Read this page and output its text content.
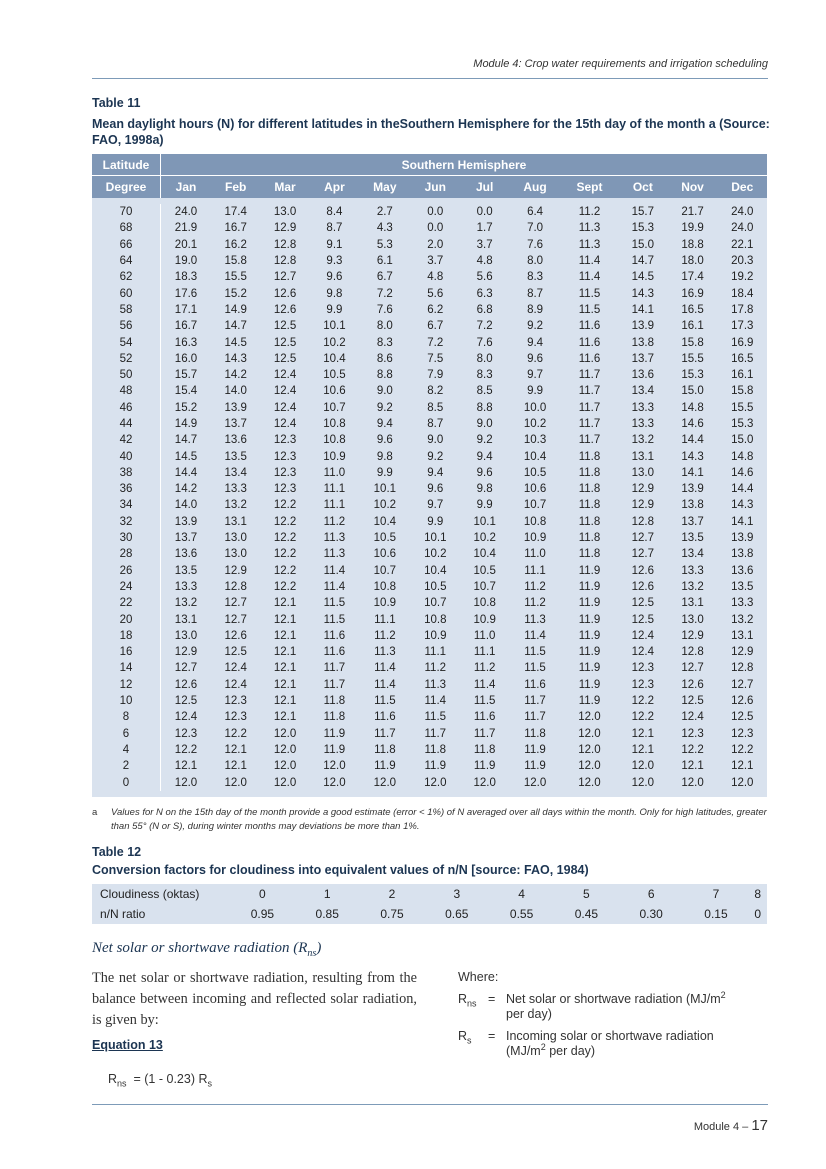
Module 4: Crop water requirements and irrigation scheduling
Table 11
Mean daylight hours (N) for different latitudes in theSouthern Hemisphere for the 15th day of the month a (Source: FAO, 1998a)
Latitude	Southern Hemisphere											
Degree	Jan	Feb	Mar	Apr	May	Jun	Jul	Aug	Sept	Oct	Nov	Dec

70	24.0	17.4	13.0	8.4	2.7	0.0	0.0	6.4	11.2	15.7	21.7	24.0
68	21.9	16.7	12.9	8.7	4.3	0.0	1.7	7.0	11.3	15.3	19.9	24.0
66	20.1	16.2	12.8	9.1	5.3	2.0	3.7	7.6	11.3	15.0	18.8	22.1
64	19.0	15.8	12.8	9.3	6.1	3.7	4.8	8.0	11.4	14.7	18.0	20.3
62	18.3	15.5	12.7	9.6	6.7	4.8	5.6	8.3	11.4	14.5	17.4	19.2
60	17.6	15.2	12.6	9.8	7.2	5.6	6.3	8.7	11.5	14.3	16.9	18.4
58	17.1	14.9	12.6	9.9	7.6	6.2	6.8	8.9	11.5	14.1	16.5	17.8
56	16.7	14.7	12.5	10.1	8.0	6.7	7.2	9.2	11.6	13.9	16.1	17.3
54	16.3	14.5	12.5	10.2	8.3	7.2	7.6	9.4	11.6	13.8	15.8	16.9
52	16.0	14.3	12.5	10.4	8.6	7.5	8.0	9.6	11.6	13.7	15.5	16.5
50	15.7	14.2	12.4	10.5	8.8	7.9	8.3	9.7	11.7	13.6	15.3	16.1
48	15.4	14.0	12.4	10.6	9.0	8.2	8.5	9.9	11.7	13.4	15.0	15.8
46	15.2	13.9	12.4	10.7	9.2	8.5	8.8	10.0	11.7	13.3	14.8	15.5
44	14.9	13.7	12.4	10.8	9.4	8.7	9.0	10.2	11.7	13.3	14.6	15.3
42	14.7	13.6	12.3	10.8	9.6	9.0	9.2	10.3	11.7	13.2	14.4	15.0
40	14.5	13.5	12.3	10.9	9.8	9.2	9.4	10.4	11.8	13.1	14.3	14.8
38	14.4	13.4	12.3	11.0	9.9	9.4	9.6	10.5	11.8	13.0	14.1	14.6
36	14.2	13.3	12.3	11.1	10.1	9.6	9.8	10.6	11.8	12.9	13.9	14.4
34	14.0	13.2	12.2	11.1	10.2	9.7	9.9	10.7	11.8	12.9	13.8	14.3
32	13.9	13.1	12.2	11.2	10.4	9.9	10.1	10.8	11.8	12.8	13.7	14.1
30	13.7	13.0	12.2	11.3	10.5	10.1	10.2	10.9	11.8	12.7	13.5	13.9
28	13.6	13.0	12.2	11.3	10.6	10.2	10.4	11.0	11.8	12.7	13.4	13.8
26	13.5	12.9	12.2	11.4	10.7	10.4	10.5	11.1	11.9	12.6	13.3	13.6
24	13.3	12.8	12.2	11.4	10.8	10.5	10.7	11.2	11.9	12.6	13.2	13.5
22	13.2	12.7	12.1	11.5	10.9	10.7	10.8	11.2	11.9	12.5	13.1	13.3
20	13.1	12.7	12.1	11.5	11.1	10.8	10.9	11.3	11.9	12.5	13.0	13.2
18	13.0	12.6	12.1	11.6	11.2	10.9	11.0	11.4	11.9	12.4	12.9	13.1
16	12.9	12.5	12.1	11.6	11.3	11.1	11.1	11.5	11.9	12.4	12.8	12.9
14	12.7	12.4	12.1	11.7	11.4	11.2	11.2	11.5	11.9	12.3	12.7	12.8
12	12.6	12.4	12.1	11.7	11.4	11.3	11.4	11.6	11.9	12.3	12.6	12.7
10	12.5	12.3	12.1	11.8	11.5	11.4	11.5	11.7	11.9	12.2	12.5	12.6
8	12.4	12.3	12.1	11.8	11.6	11.5	11.6	11.7	12.0	12.2	12.4	12.5
6	12.3	12.2	12.0	11.9	11.7	11.7	11.7	11.8	12.0	12.1	12.3	12.3
4	12.2	12.1	12.0	11.9	11.8	11.8	11.8	11.9	12.0	12.1	12.2	12.2
2	12.1	12.1	12.0	12.0	11.9	11.9	11.9	11.9	12.0	12.0	12.1	12.1
0	12.0	12.0	12.0	12.0	12.0	12.0	12.0	12.0	12.0	12.0	12.0	12.0

a Values for N on the 15th day of the month provide a good estimate (error < 1%) of N averaged over all days within the month. Only for high latitudes, greater than 55° (N or S), during winter months may deviations be more than 1%.
Table 12
Conversion factors for cloudiness into equivalent values of n/N [source: FAO, 1984)
Cloudiness (oktas)	0	1	2	3	4	5	6	7	8
n/N ratio	0.95	0.85	0.75	0.65	0.55	0.45	0.30	0.15	0
Net solar or shortwave radiation $(R_{ns})$
The net solar or shortwave radiation, resulting from the balance between incoming and reflected solar radiation, is given by:
Equation 13
$R_{ns} = (1 - 0.23)$ $R_s$
Where:
$R_{ns}$ = Net solar or shortwave radiation ($MJ/m^2$
per day)
$R_s$ = Incoming solar or shortwave radiation
($MJ/m^2$ per day)
Module 4 – 17
